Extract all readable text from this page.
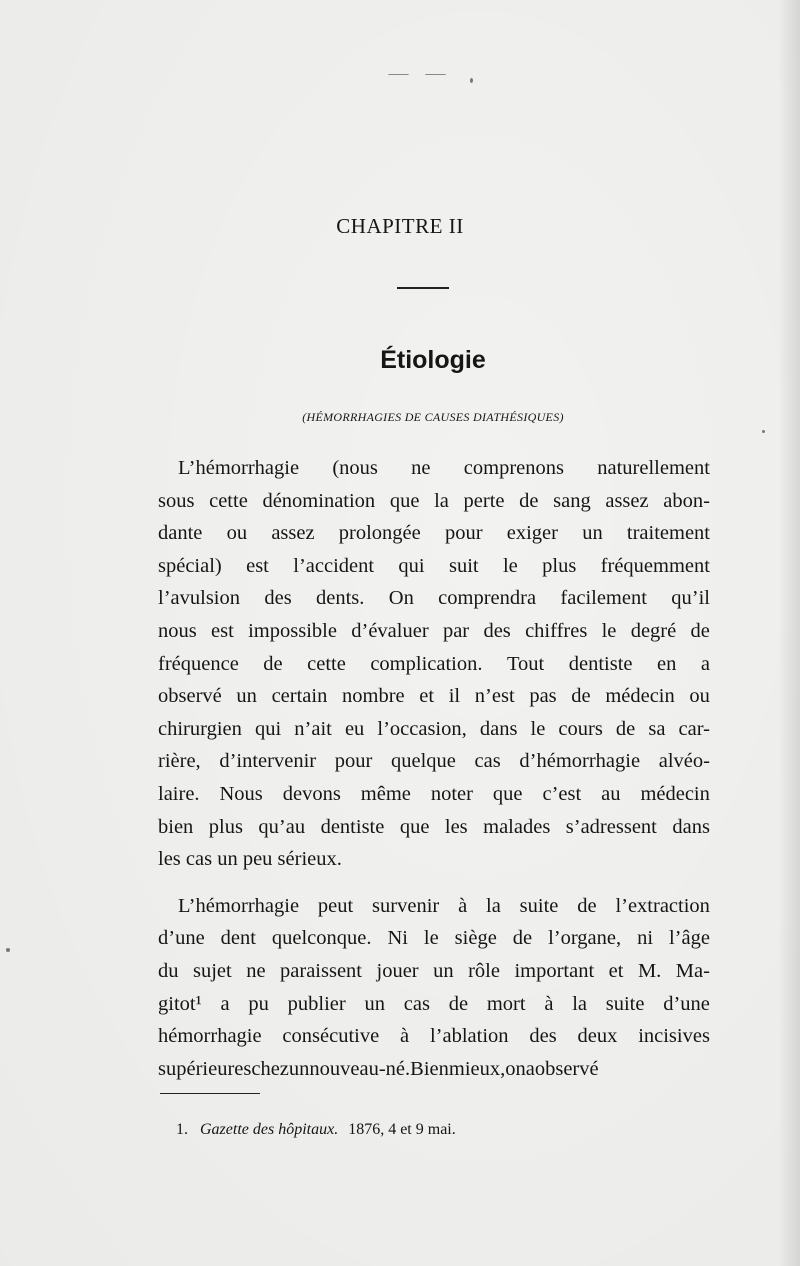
— —
CHAPITRE II
Étiologie
(HÉMORRHAGIES DE CAUSES DIATHÉSIQUES)
L’hémorrhagie (nous ne comprenons naturellement
sous cette dénomination que la perte de sang assez abon-
dante ou assez prolongée pour exiger un traitement
spécial) est l’accident qui suit le plus fréquemment
l’avulsion des dents. On comprendra facilement qu’il
nous est impossible d’évaluer par des chiffres le degré de
fréquence de cette complication. Tout dentiste en a
observé un certain nombre et il n’est pas de médecin ou
chirurgien qui n’ait eu l’occasion, dans le cours de sa car-
rière, d’intervenir pour quelque cas d’hémorrhagie alvéo-
laire. Nous devons même noter que c’est au médecin
bien plus qu’au dentiste que les malades s’adressent dans
les cas un peu sérieux.
L’hémorrhagie peut survenir à la suite de l’extraction
d’une dent quelconque. Ni le siège de l’organe, ni l’âge
du sujet ne paraissent jouer un rôle important et M. Ma-
gitot¹ a pu publier un cas de mort à la suite d’une
hémorrhagie consécutive à l’ablation des deux incisives
supérieures chez un nouveau-né. Bien mieux, on a observé
1. Gazette des hôpitaux. 1876, 4 et 9 mai.
